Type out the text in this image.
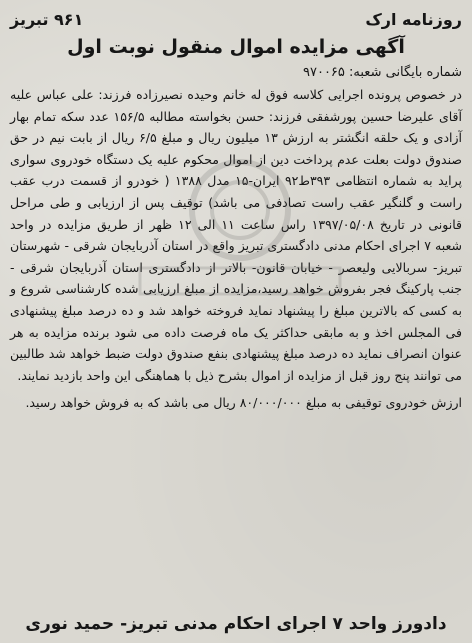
روزنامه ارک
۹۶۱ تبریز
آگهی مزایده اموال منقول نوبت اول
شماره بایگانی شعبه: ۹۷۰۰۶۵

در خصوص پرونده اجرایی کلاسه فوق له خانم وحیده نصیرزاده فرزند: علی عباس علیه آقای علیرضا حسین پورشفقی فرزند: حسن بخواسته مطالبه ۱۵۶/۵ عدد سکه تمام بهار آزادی و یک حلقه انگشتر به ارزش ۱۳ میلیون ریال و مبلغ ۶/۵ ریال از بابت نیم در حق صندوق دولت بعلت عدم پرداخت دین از اموال محکوم علیه یک دستگاه خودروی سواری پراید به شماره انتظامی ۳۹۳ط۹۲ ایران-۱۵ مدل ۱۳۸۸ ( خودرو از قسمت درب عقب راست و گلنگیر عقب راست تصادفی می باشد) توقیف پس از ارزیابی و طی مراحل قانونی در تاریخ ۱۳۹۷/۰۵/۰۸ راس ساعت ۱۱ الی ۱۲ ظهر از طریق مزایده در واحد شعبه ۷ اجرای احکام مدنی دادگستری تبریز واقع در استان آذربایجان شرقی - شهرستان تبریز- سربالایی ولیعصر - خیابان قانون- بالاتر از دادگستری استان آذربایجان شرقی - جنب پارکینگ فجر بفروش خواهد رسید،مزایده از مبلغ ارزیابی شده کارشناسی شروع و به کسی که بالاترین مبلغ را پیشنهاد نماید فروخته خواهد شد و ده درصد مبلغ پیشنهادی فی المجلس اخذ و به مابقی حداکثر یک ماه فرصت داده می شود برنده مزایده به هر عنوان انصراف نماید ده درصد مبلغ پیشنهادی بنفع صندوق دولت ضبط خواهد شد طالبین می توانند پنج روز قبل از مزایده از اموال بشرح ذیل با هماهنگی این واحد بازدید نمایند.

ارزش خودروی توقیفی به مبلغ ۸۰/۰۰۰/۰۰۰ ریال می باشد که به فروش خواهد رسید.

دادورز واحد ۷ اجرای احکام مدنی تبریز- حمید نوری
